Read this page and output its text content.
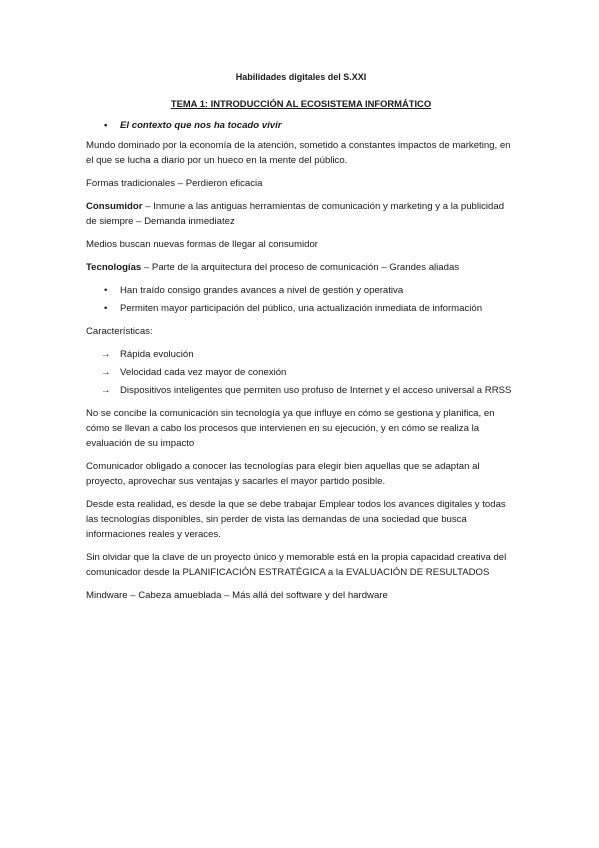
Habilidades digitales del S.XXI
TEMA 1: INTRODUCCIÓN AL ECOSISTEMA INFORMÁTICO
• El contexto que nos ha tocado vivir

Mundo dominado por la economía de la atención, sometido a constantes impactos de marketing, en el que se lucha a diario por un hueco en la mente del público.

Formas tradicionales – Perdieron eficacia

Consumidor – Inmune a las antiguas herramientas de comunicación y marketing y a la publicidad de siempre – Demanda inmediatez

Medios buscan nuevas formas de llegar al consumidor

Tecnologías – Parte de la arquitectura del proceso de comunicación – Grandes aliadas

• Han traído consigo grandes avances a nivel de gestión y operativa
• Permiten mayor participación del público, una actualización inmediata de información

Características:

→ Rápida evolución
→ Velocidad cada vez mayor de conexión
→ Dispositivos inteligentes que permiten uso profuso de Internet y el acceso universal a RRSS

No se concibe la comunicación sin tecnología ya que influye en cómo se gestiona y planifica, en cómo se llevan a cabo los procesos que intervienen en su ejecución, y en cómo se realiza la evaluación de su impacto

Comunicador obligado a conocer las tecnologías para elegir bien aquellas que se adaptan al proyecto, aprovechar sus ventajas y sacarles el mayor partido posible.

Desde esta realidad, es desde la que se debe trabajar Emplear todos los avances digitales y todas las tecnologías disponibles, sin perder de vista las demandas de una sociedad que busca informaciones reales y veraces.

Sin olvidar que la clave de un proyecto único y memorable está en la propia capacidad creativa del comunicador desde la PLANIFICACIÓN ESTRATÉGICA a la EVALUACIÓN DE RESULTADOS

Mindware – Cabeza amueblada – Más allá del software y del hardware
